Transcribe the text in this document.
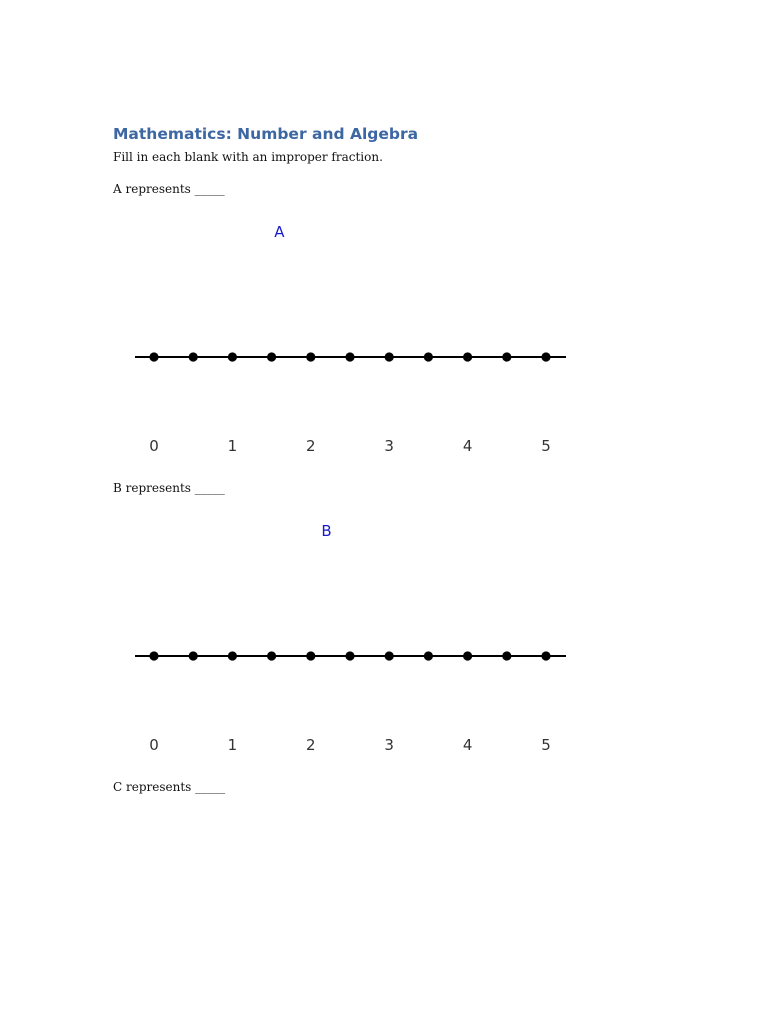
Mathematics: Number and Algebra
Fill in each blank with an improper fraction.
A represents _____
0	1	2	3	4	5
A
B represents _____
0	1	2	3	4	5
B
C represents _____
